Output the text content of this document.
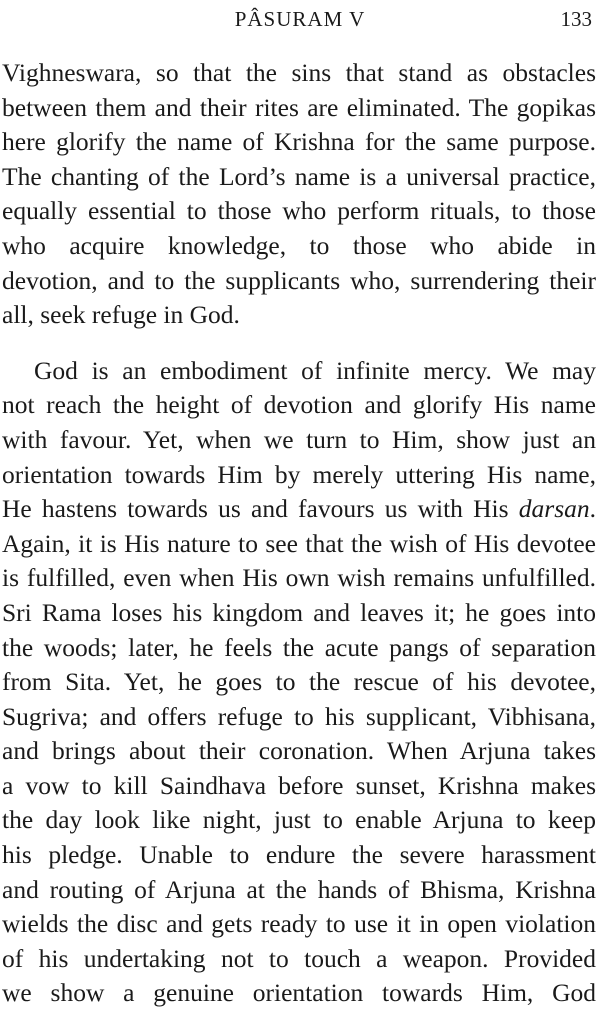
PÂSURAM V	133
Vighneswara, so that the sins that stand as obstacles
between them and their rites are eliminated. The gopikas
here glorify the name of Krishna for the same purpose.
The chanting of the Lord’s name is a universal practice,
equally essential to those who perform rituals, to those
who acquire knowledge, to those who abide in
devotion, and to the supplicants who, surrendering their
all, seek refuge in God.
God is an embodiment of infinite mercy. We may
not reach the height of devotion and glorify His name
with favour. Yet, when we turn to Him, show just an
orientation towards Him by merely uttering His name,
He hastens towards us and favours us with His darsan.
Again, it is His nature to see that the wish of His devotee
is fulfilled, even when His own wish remains unfulfilled.
Sri Rama loses his kingdom and leaves it; he goes into
the woods; later, he feels the acute pangs of separation
from Sita. Yet, he goes to the rescue of his devotee,
Sugriva; and offers refuge to his supplicant, Vibhisana,
and brings about their coronation. When Arjuna takes
a vow to kill Saindhava before sunset, Krishna makes
the day look like night, just to enable Arjuna to keep
his pledge. Unable to endure the severe harassment
and routing of Arjuna at the hands of Bhisma, Krishna
wields the disc and gets ready to use it in open violation
of his undertaking not to touch a weapon. Provided
we show a genuine orientation towards Him, God
